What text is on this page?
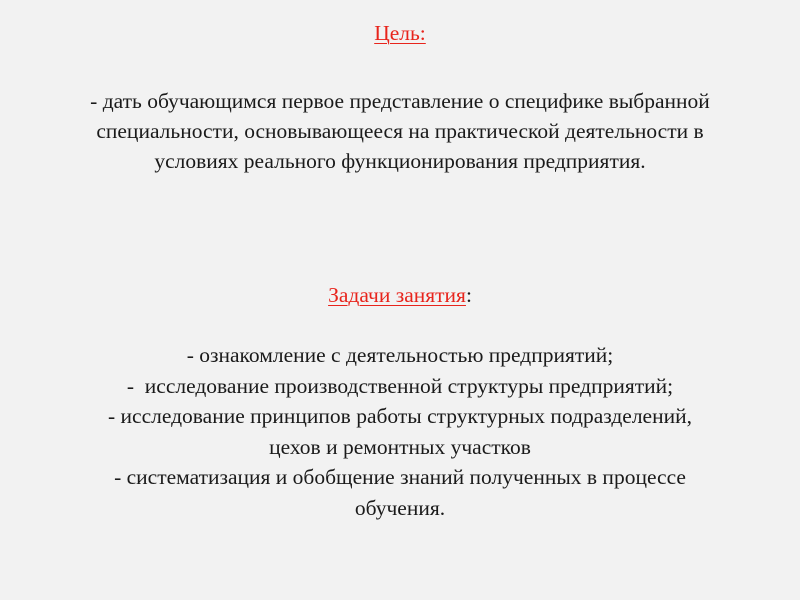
Цель:
- дать обучающимся первое представление о специфике выбранной
специальности, основывающееся на практической деятельности в
условиях реального функционирования предприятия.
Задачи занятия:
- ознакомление с деятельностью предприятий;
-  исследование производственной структуры предприятий;
- исследование принципов работы структурных подразделений,
цехов и ремонтных участков
- систематизация и обобщение знаний полученных в процессе
обучения.
